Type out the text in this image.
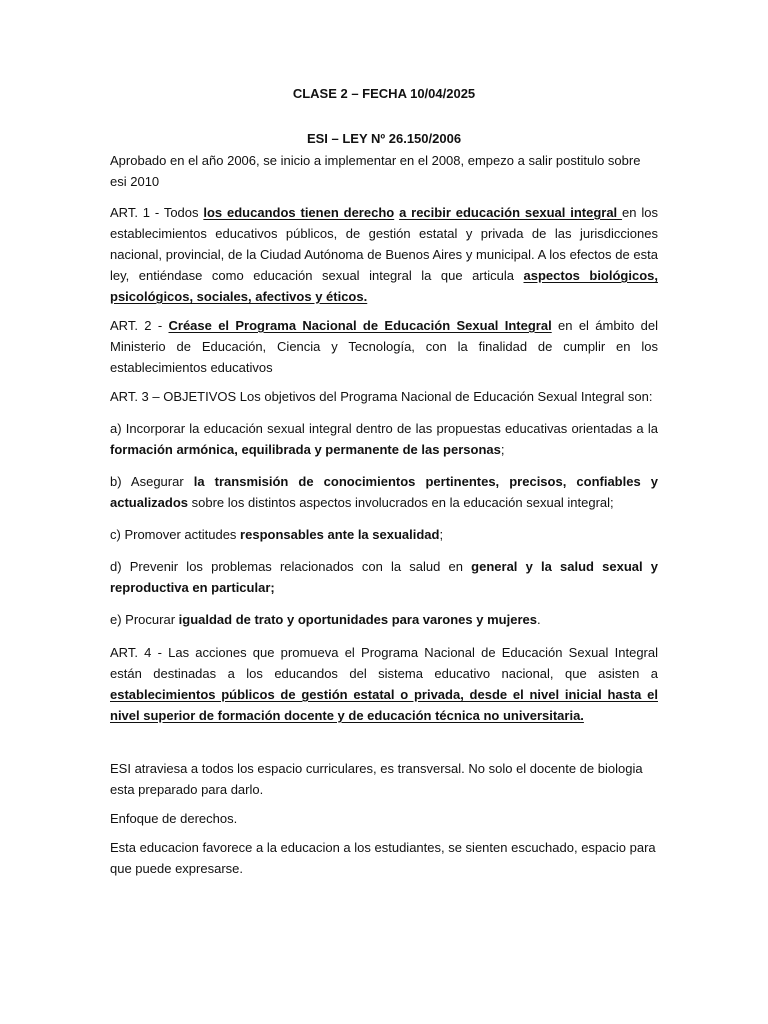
CLASE 2 – FECHA 10/04/2025

ESI – LEY Nº 26.150/2006

Aprobado en el año 2006, se inicio a implementar en el 2008, empezo a salir postitulo sobre esi 2010

ART. 1 - Todos los educandos tienen derecho a recibir educación sexual integral en los establecimientos educativos públicos, de gestión estatal y privada de las jurisdicciones nacional, provincial, de la Ciudad Autónoma de Buenos Aires y municipal. A los efectos de esta ley, entiéndase como educación sexual integral la que articula aspectos biológicos, psicológicos, sociales, afectivos y éticos.

ART. 2 - Créase el Programa Nacional de Educación Sexual Integral en el ámbito del Ministerio de Educación, Ciencia y Tecnología, con la finalidad de cumplir en los establecimientos educativos

ART. 3 – OBJETIVOS Los objetivos del Programa Nacional de Educación Sexual Integral son:

a) Incorporar la educación sexual integral dentro de las propuestas educativas orientadas a la formación armónica, equilibrada y permanente de las personas;

b) Asegurar la transmisión de conocimientos pertinentes, precisos, confiables y actualizados sobre los distintos aspectos involucrados en la educación sexual integral;

c) Promover actitudes responsables ante la sexualidad;

d) Prevenir los problemas relacionados con la salud en general y la salud sexual y reproductiva en particular;

e) Procurar igualdad de trato y oportunidades para varones y mujeres.

ART. 4 - Las acciones que promueva el Programa Nacional de Educación Sexual Integral están destinadas a los educandos del sistema educativo nacional, que asisten a establecimientos públicos de gestión estatal o privada, desde el nivel inicial hasta el nivel superior de formación docente y de educación técnica no universitaria.

ESI atraviesa a todos los espacio curriculares, es transversal. No solo el docente de biologia esta preparado para darlo.

Enfoque de derechos.

Esta educacion favorece a la educacion a los estudiantes, se sienten escuchado, espacio para que puede expresarse.
